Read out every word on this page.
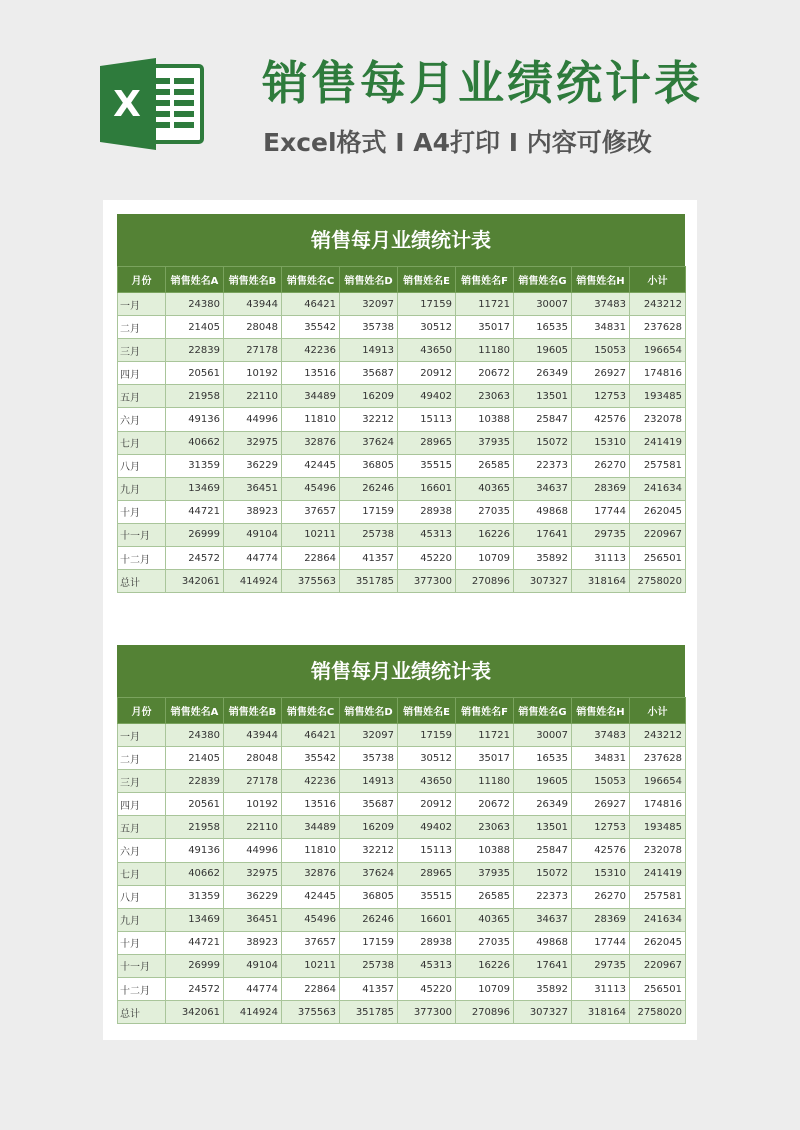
X	销售每月业绩统计表
Excel格式 I A4打印 I 内容可修改
销售每月业绩统计表
月份	销售姓名A	销售姓名B	销售姓名C	销售姓名D	销售姓名E	销售姓名F	销售姓名G	销售姓名H	小计
一月	24380	43944	46421	32097	17159	11721	30007	37483	243212
二月	21405	28048	35542	35738	30512	35017	16535	34831	237628
三月	22839	27178	42236	14913	43650	11180	19605	15053	196654
四月	20561	10192	13516	35687	20912	20672	26349	26927	174816
五月	21958	22110	34489	16209	49402	23063	13501	12753	193485
六月	49136	44996	11810	32212	15113	10388	25847	42576	232078
七月	40662	32975	32876	37624	28965	37935	15072	15310	241419
八月	31359	36229	42445	36805	35515	26585	22373	26270	257581
九月	13469	36451	45496	26246	16601	40365	34637	28369	241634
十月	44721	38923	37657	17159	28938	27035	49868	17744	262045
十一月	26999	49104	10211	25738	45313	16226	17641	29735	220967
十二月	24572	44774	22864	41357	45220	10709	35892	31113	256501
总计	342061	414924	375563	351785	377300	270896	307327	318164	2758020
销售每月业绩统计表
月份	销售姓名A	销售姓名B	销售姓名C	销售姓名D	销售姓名E	销售姓名F	销售姓名G	销售姓名H	小计
一月	24380	43944	46421	32097	17159	11721	30007	37483	243212
二月	21405	28048	35542	35738	30512	35017	16535	34831	237628
三月	22839	27178	42236	14913	43650	11180	19605	15053	196654
四月	20561	10192	13516	35687	20912	20672	26349	26927	174816
五月	21958	22110	34489	16209	49402	23063	13501	12753	193485
六月	49136	44996	11810	32212	15113	10388	25847	42576	232078
七月	40662	32975	32876	37624	28965	37935	15072	15310	241419
八月	31359	36229	42445	36805	35515	26585	22373	26270	257581
九月	13469	36451	45496	26246	16601	40365	34637	28369	241634
十月	44721	38923	37657	17159	28938	27035	49868	17744	262045
十一月	26999	49104	10211	25738	45313	16226	17641	29735	220967
十二月	24572	44774	22864	41357	45220	10709	35892	31113	256501
总计	342061	414924	375563	351785	377300	270896	307327	318164	2758020
